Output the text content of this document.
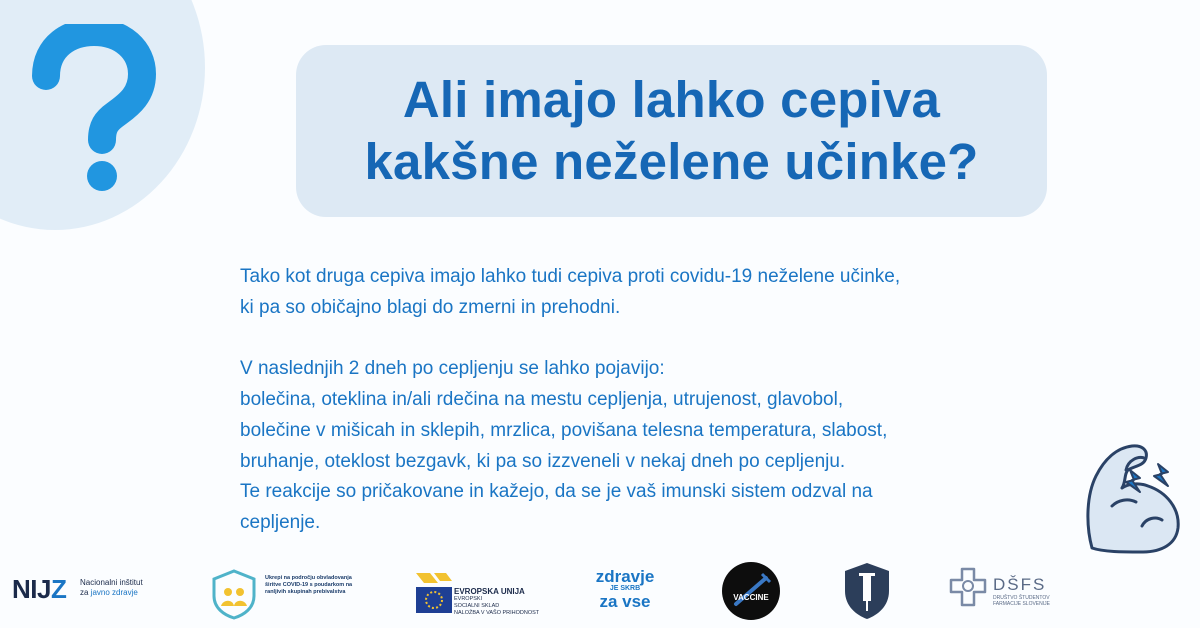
Ali imajo lahko cepiva
kakšne neželene učinke?

Tako kot druga cepiva imajo lahko tudi cepiva proti covidu-19 neželene učinke,

ki pa so običajno blagi do zmerni in prehodni.

V naslednjih 2 dneh po cepljenju se lahko pojavijo:

bolečina, oteklina in/ali rdečina na mestu cepljenja, utrujenost, glavobol,

bolečine v mišicah in sklepih, mrzlica, povišana telesna temperatura, slabost,

bruhanje, oteklost bezgavk, ki pa so izzveneli v nekaj dneh po cepljenju.

Te reakcije so pričakovane in kažejo, da se je vaš imunski sistem odzval na

cepljenje.

NIJZ Nacionalni inštitut
za javno zdravje
Ukrepi na področju obvladovanja
širitve COVID-19 s poudarkom na
ranljivih skupinah prebivalstva	EVROPSKA UNIJA
EVROPSKI
SOCIALNI SKLAD
NALOŽBA V VAŠO PRIHODNOST
zdravje
JE SKRB
za vse	VACCINE
DŠFS
DRUŠTVO ŠTUDENTOV
FARMACIJE SLOVENIJE
